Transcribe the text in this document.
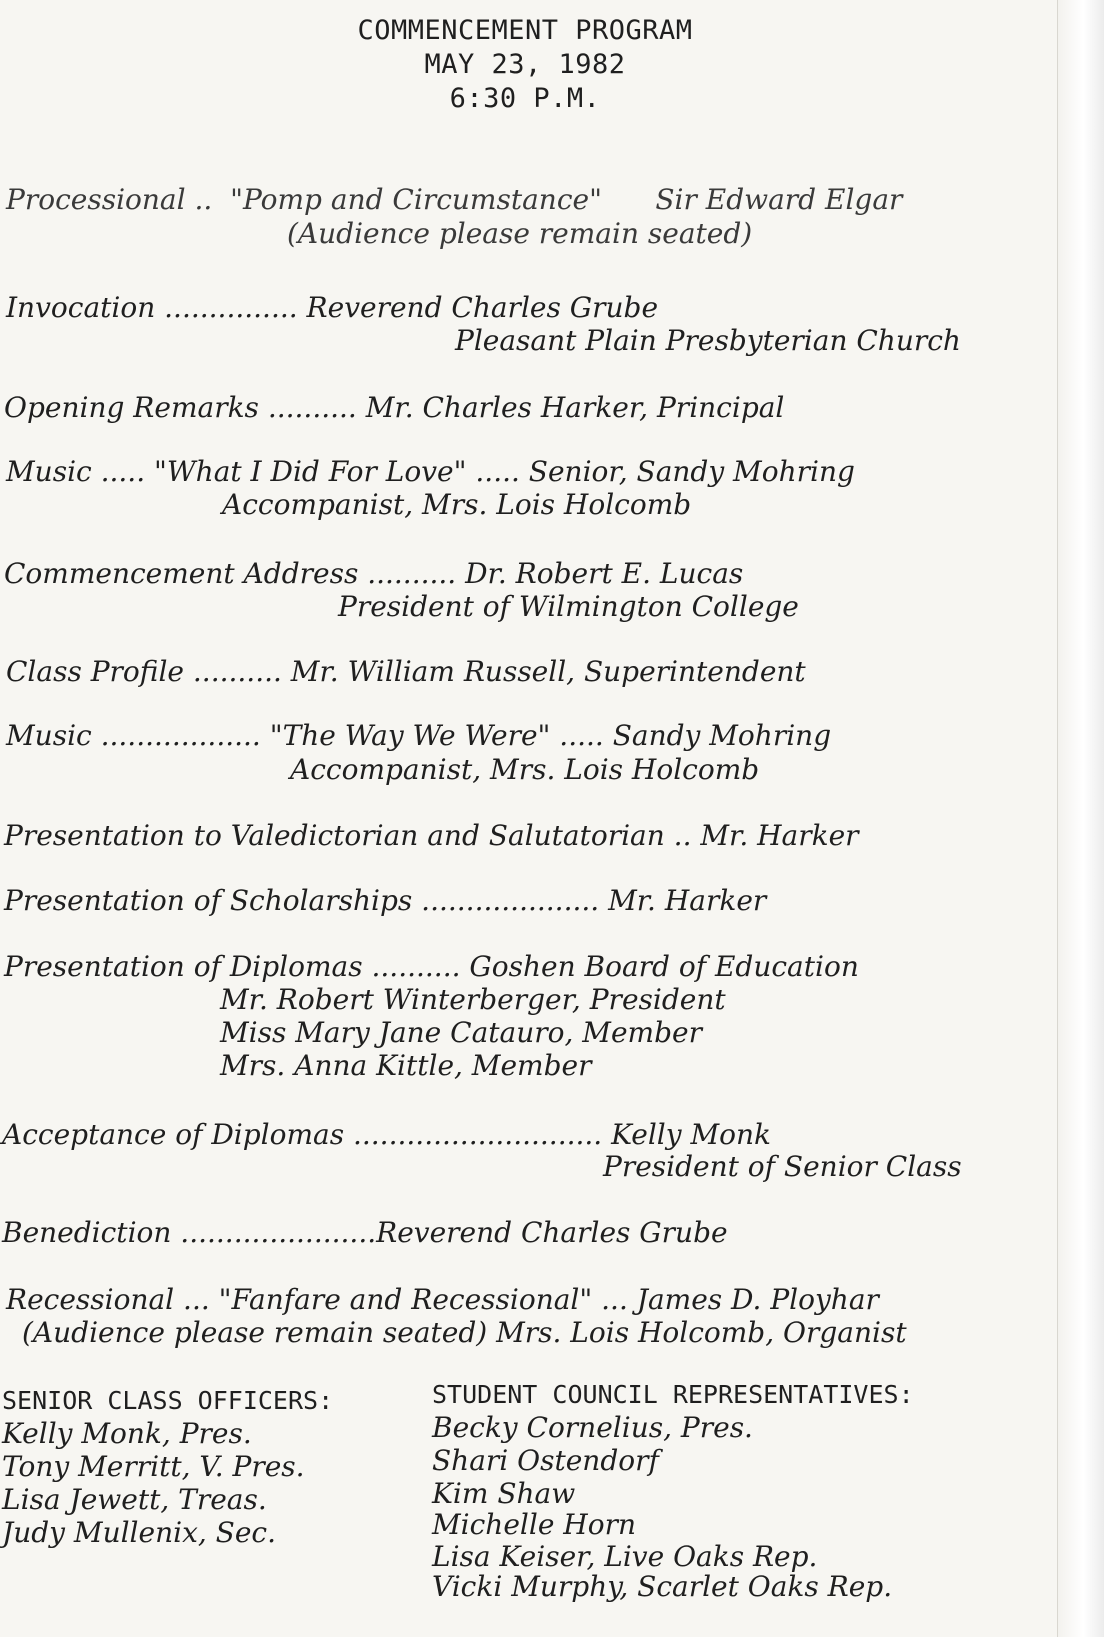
COMMENCEMENT PROGRAM
MAY 23, 1982
6:30 P.M.
Processional ..  "Pomp and Circumstance"      Sir Edward Elgar
(Audience please remain seated)
Invocation ............... Reverend Charles Grube
Pleasant Plain Presbyterian Church
Opening Remarks .......... Mr. Charles Harker, Principal
Music ..... "What I Did For Love" ..... Senior, Sandy Mohring
Accompanist, Mrs. Lois Holcomb
Commencement Address .......... Dr. Robert E. Lucas
President of Wilmington College
Class Profile .......... Mr. William Russell, Superintendent
Music .................. "The Way We Were" ..... Sandy Mohring
Accompanist, Mrs. Lois Holcomb
Presentation to Valedictorian and Salutatorian .. Mr. Harker
Presentation of Scholarships .................... Mr. Harker
Presentation of Diplomas .......... Goshen Board of Education
Mr. Robert Winterberger, President
Miss Mary Jane Catauro, Member
Mrs. Anna Kittle, Member
Acceptance of Diplomas ............................ Kelly Monk
President of Senior Class
Benediction ......................Reverend Charles Grube
Recessional ... "Fanfare and Recessional" ... James D. Ployhar
(Audience please remain seated) Mrs. Lois Holcomb, Organist
SENIOR CLASS OFFICERS:
Kelly Monk, Pres.
Tony Merritt, V. Pres.
Lisa Jewett, Treas.
Judy Mullenix, Sec.
STUDENT COUNCIL REPRESENTATIVES:
Becky Cornelius, Pres.
Shari Ostendorf
Kim Shaw
Michelle Horn
Lisa Keiser, Live Oaks Rep.
Vicki Murphy, Scarlet Oaks Rep.
